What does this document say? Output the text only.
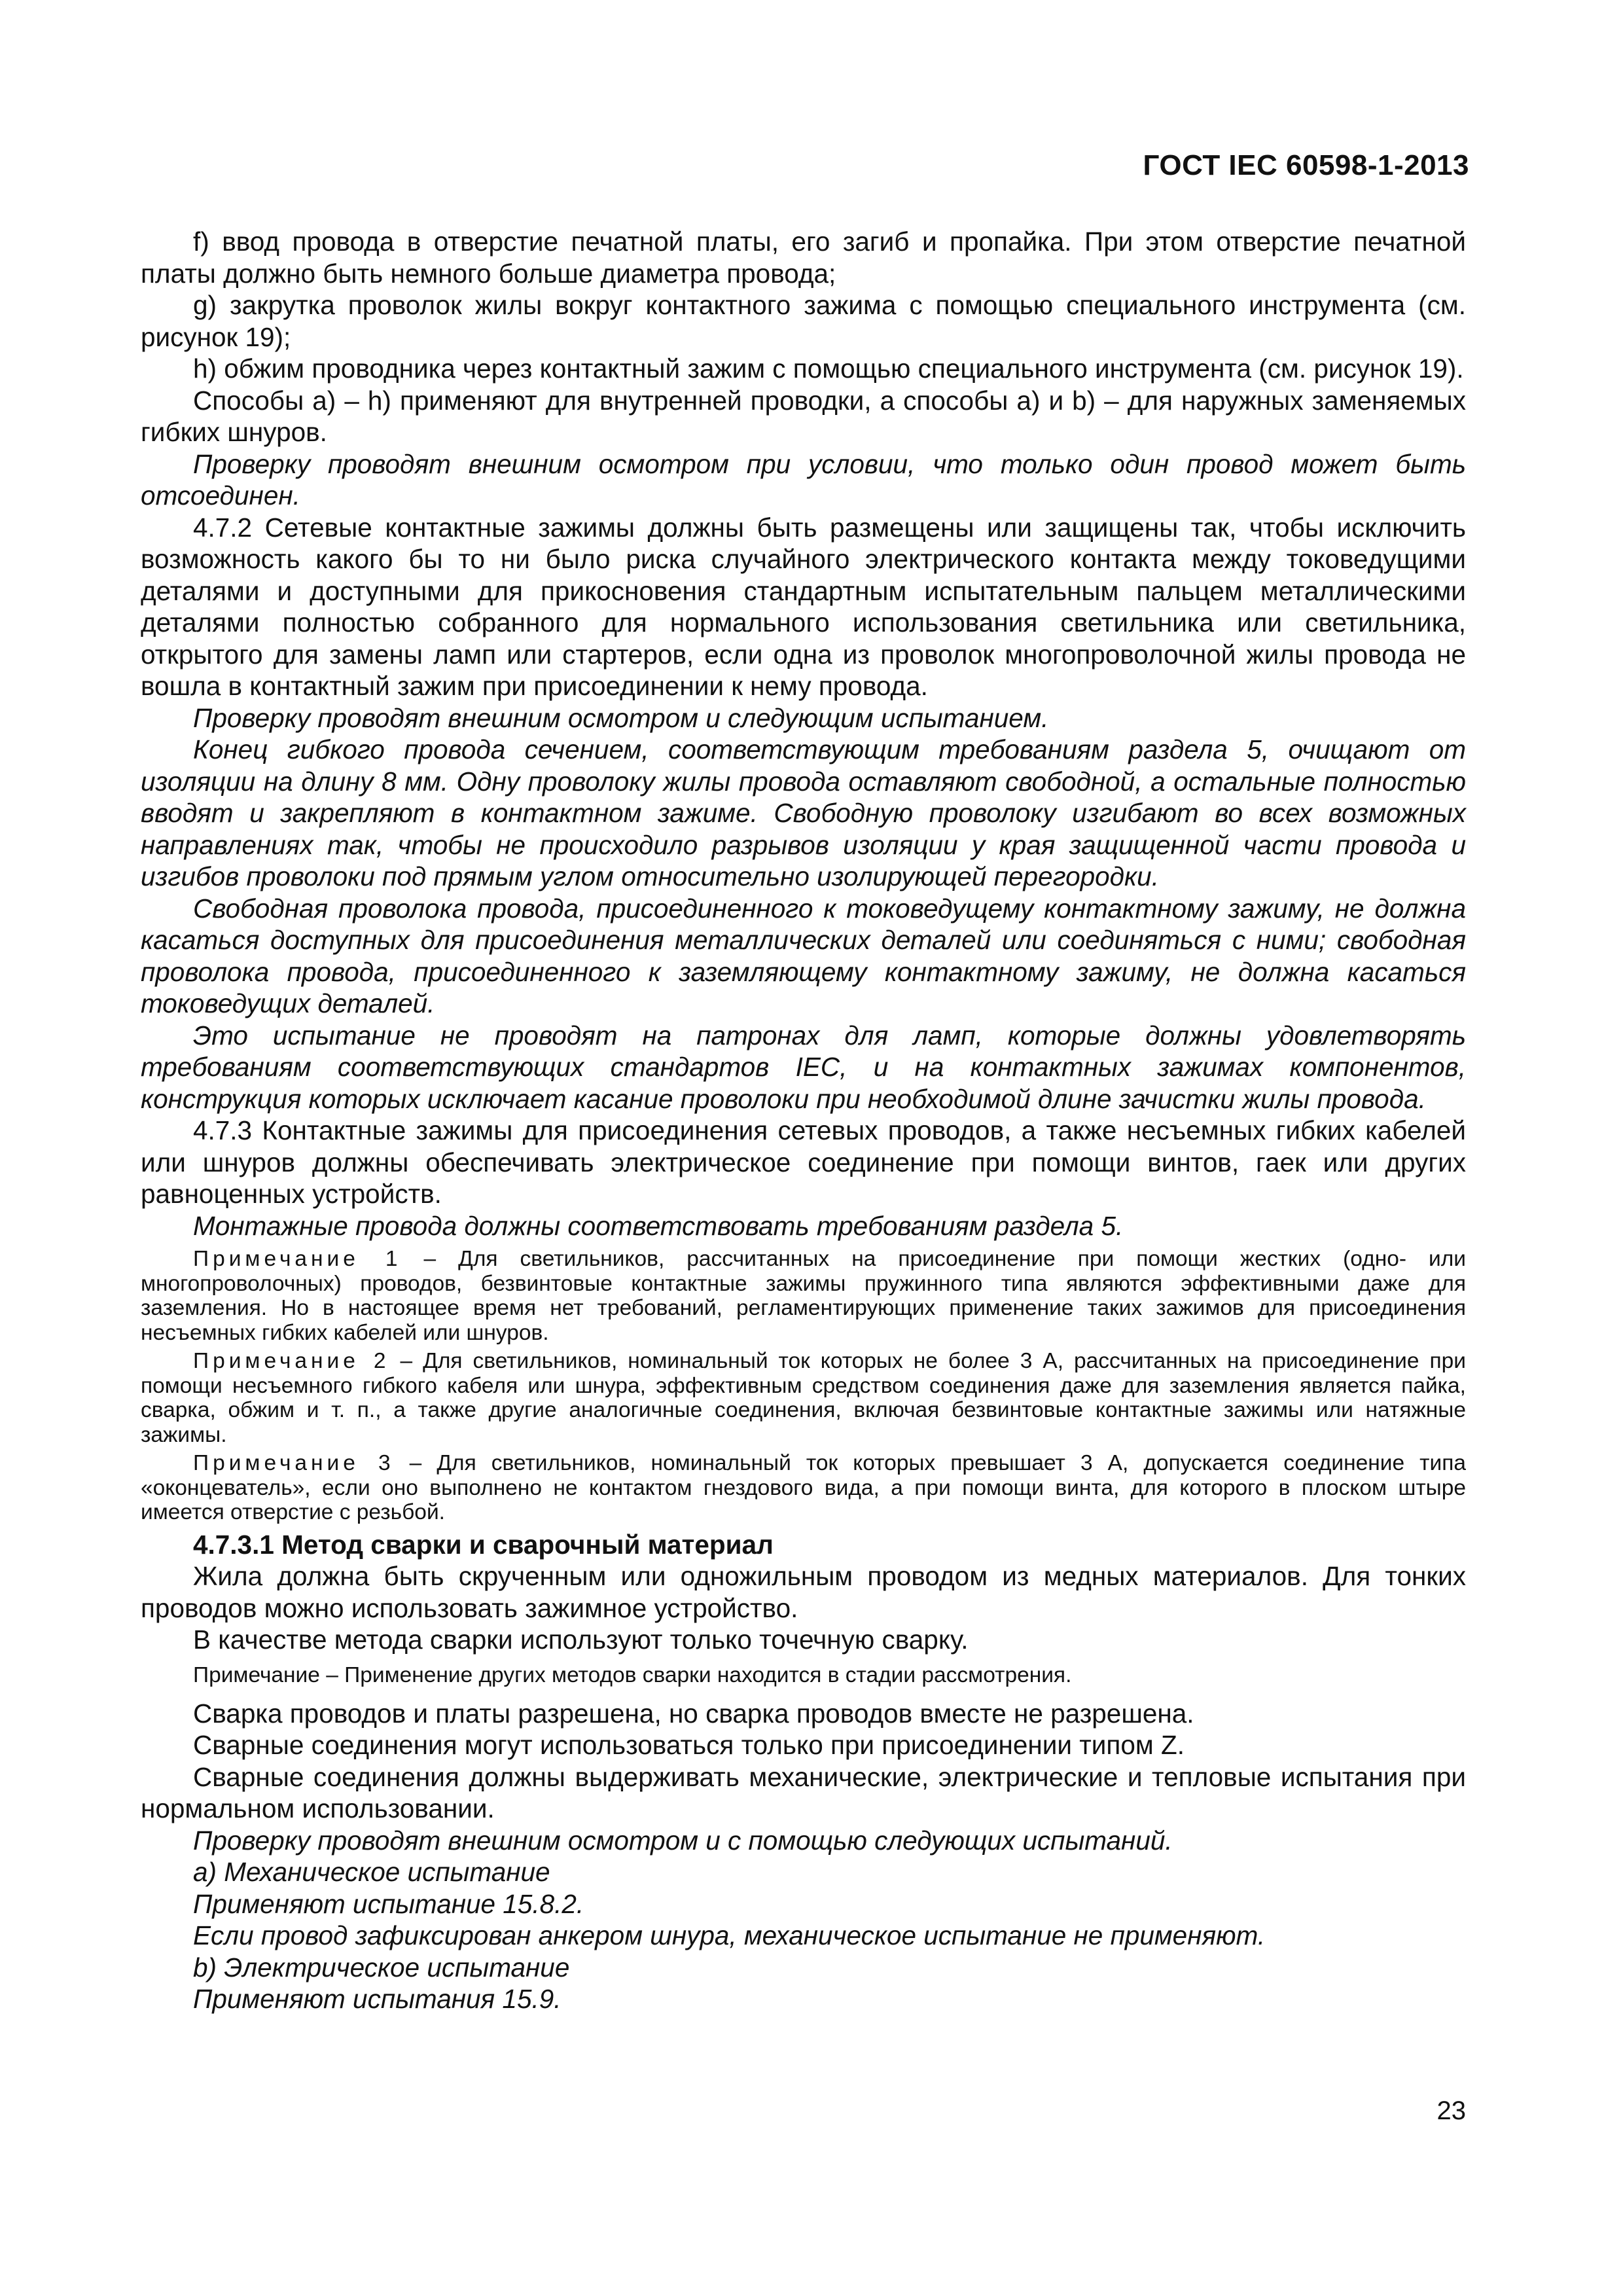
ГОСТ IEC 60598-1-2013

f) ввод провода в отверстие печатной платы, его загиб и пропайка. При этом отверстие печатной платы должно быть немного больше диаметра провода;

g) закрутка проволок жилы вокруг контактного зажима с помощью специального инструмента (см. рисунок 19);

h) обжим проводника через контактный зажим с помощью специального инструмента (см. рисунок 19).

Способы а) – h) применяют для внутренней проводки, а способы а) и b) – для наружных заменяемых гибких шнуров.

Проверку проводят внешним осмотром при условии, что только один провод может быть отсоединен.

4.7.2 Сетевые контактные зажимы должны быть размещены или защищены так, чтобы исключить возможность какого бы то ни было риска случайного электрического контакта между токоведущими деталями и доступными для прикосновения стандартным испытательным пальцем металлическими деталями полностью собранного для нормального использования светильника или светильника, открытого для замены ламп или стартеров, если одна из проволок многопроволочной жилы провода не вошла в контактный зажим при присоединении к нему провода.

Проверку проводят внешним осмотром и следующим испытанием.

Конец гибкого провода сечением, соответствующим требованиям раздела 5, очищают от изоляции на длину 8 мм. Одну проволоку жилы провода оставляют свободной, а остальные полностью вводят и закрепляют в контактном зажиме. Свободную проволоку изгибают во всех возможных направлениях так, чтобы не происходило разрывов изоляции у края защищенной части провода и изгибов проволоки под прямым углом относительно изолирующей перегородки.

Свободная проволока провода, присоединенного к токоведущему контактному зажиму, не должна касаться доступных для присоединения металлических деталей или соединяться с ними; свободная проволока провода, присоединенного к заземляющему контактному зажиму, не должна касаться токоведущих деталей.

Это испытание не проводят на патронах для ламп, которые должны удовлетворять требованиям соответствующих стандартов IEC, и на контактных зажимах компонентов, конструкция которых исключает касание проволоки при необходимой длине зачистки жилы провода.

4.7.3 Контактные зажимы для присоединения сетевых проводов, а также несъемных гибких кабелей или шнуров должны обеспечивать электрическое соединение при помощи винтов, гаек или других равноценных устройств.

Монтажные провода должны соответствовать требованиям раздела 5.

Примечание 1 – Для светильников, рассчитанных на присоединение при помощи жестких (одно- или многопроволочных) проводов, безвинтовые контактные зажимы пружинного типа являются эффективными даже для заземления. Но в настоящее время нет требований, регламентирующих применение таких зажимов для присоединения несъемных гибких кабелей или шнуров.

Примечание 2 – Для светильников, номинальный ток которых не более 3 А, рассчитанных на присоединение при помощи несъемного гибкого кабеля или шнура, эффективным средством соединения даже для заземления является пайка, сварка, обжим и т. п., а также другие аналогичные соединения, включая безвинтовые контактные зажимы или натяжные зажимы.

Примечание 3 – Для светильников, номинальный ток которых превышает 3 А, допускается соединение типа «оконцеватель», если оно выполнено не контактом гнездового вида, а при помощи винта, для которого в плоском штыре имеется отверстие с резьбой.

4.7.3.1 Метод сварки и сварочный материал

Жила должна быть скрученным или одножильным проводом из медных материалов. Для тонких проводов можно использовать зажимное устройство.

В качестве метода сварки используют только точечную сварку.

Примечание – Применение других методов сварки находится в стадии рассмотрения.

Сварка проводов и платы разрешена, но сварка проводов вместе не разрешена.

Сварные соединения могут использоваться только при присоединении типом Z.

Сварные соединения должны выдерживать механические, электрические и тепловые испытания при нормальном использовании.

Проверку проводят внешним осмотром и с помощью следующих испытаний.

a) Механическое испытание

Применяют испытание 15.8.2.

Если провод зафиксирован анкером шнура, механическое испытание не применяют.

b) Электрическое испытание

Применяют испытания 15.9.

23
